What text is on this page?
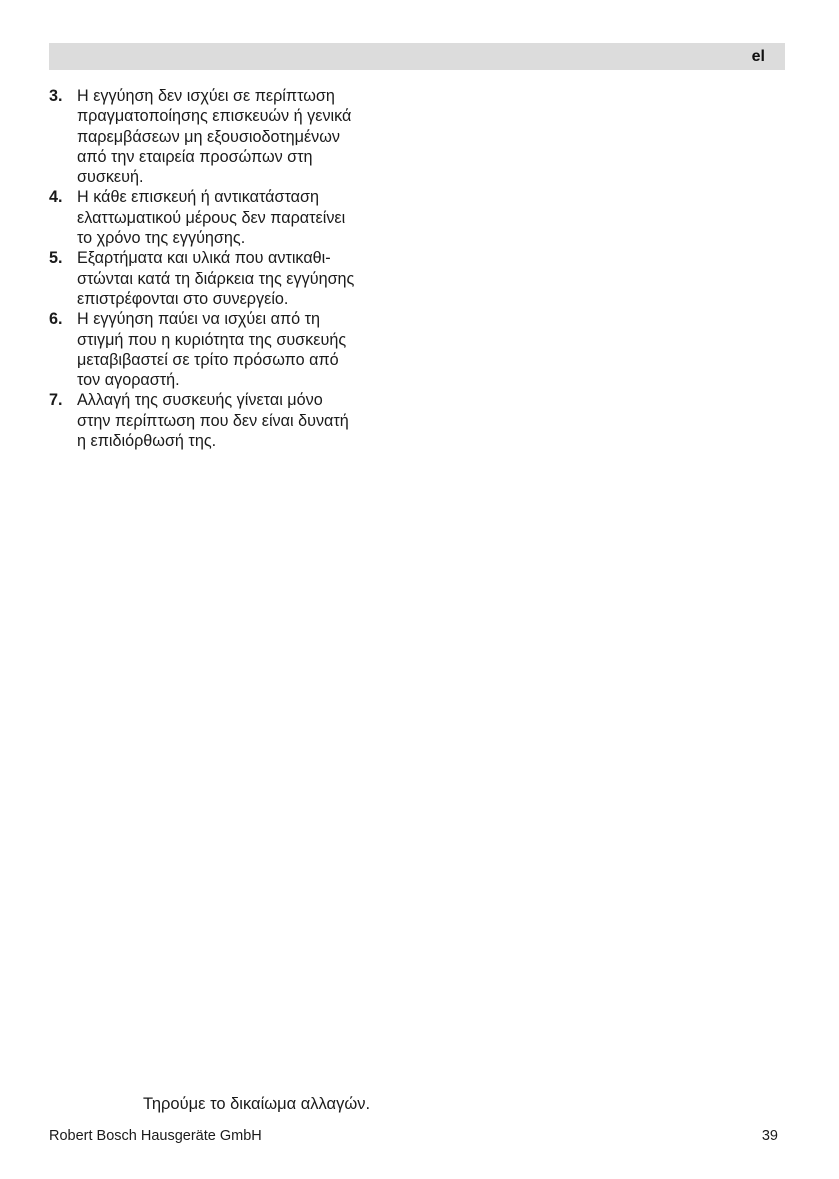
el
3. Η εγγύηση δεν ισχύει σε περίπτωση
πραγματοποίησης επισκευών ή γενικά
παρεμβάσεων μη εξουσιοδοτημένων
από την εταιρεία προσώπων στη
συσκευή.
4. Η κάθε επισκευή ή αντικατάσταση
ελαττωματικού μέρους δεν παρατείνει
το χρόνο της εγγύησης.
5. Εξαρτήματα και υλικά που αντικαθι-
στώνται κατά τη διάρκεια της εγγύησης
επιστρέφονται στο συνεργείο.
6. Η εγγύηση παύει να ισχύει από τη
στιγμή που η κυριότητα της συσκευής
μεταβιβαστεί σε τρίτο πρόσωπο από
τον αγοραστή.
7. Αλλαγή της συσκευής γίνεται μόνο
στην περίπτωση που δεν είναι δυνατή
η επιδιόρθωσή της.
Τηρούμε το δικαίωμα αλλαγών.
Robert Bosch Hausgeräte GmbH	39
